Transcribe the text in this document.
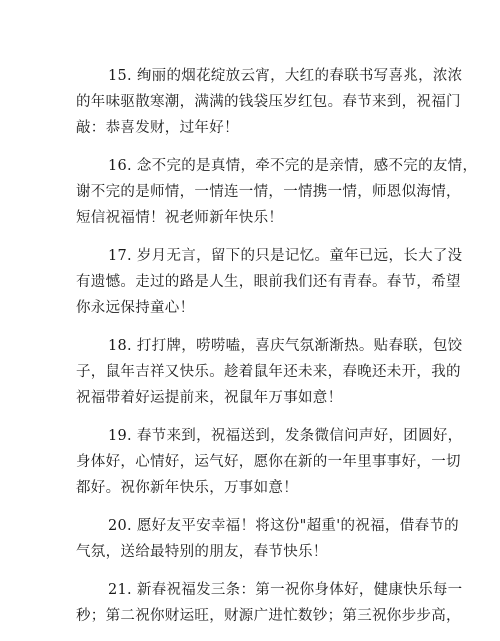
15. 绚丽的烟花绽放云宵，大红的春联书写喜兆，浓浓
的年味驱散寒潮，满满的钱袋压岁红包。春节来到，祝福门
敲：恭喜发财，过年好！
16. 念不完的是真情，牵不完的是亲情，感不完的友情，
谢不完的是师情，一情连一情，一情携一情，师恩似海情，
短信祝福情！祝老师新年快乐！
17. 岁月无言，留下的只是记忆。童年已远，长大了没
有遗憾。走过的路是人生，眼前我们还有青春。春节，希望
你永远保持童心！
18. 打打牌，唠唠嗑，喜庆气氛渐渐热。贴春联，包饺
子，鼠年吉祥又快乐。趁着鼠年还未来，春晚还未开，我的
祝福带着好运提前来，祝鼠年万事如意！
19. 春节来到，祝福送到，发条微信问声好，团圆好，
身体好，心情好，运气好，愿你在新的一年里事事好，一切
都好。祝你新年快乐，万事如意！
20. 愿好友平安幸福！将这份"超重'的祝福，借春节的
气氛，送给最特别的朋友，春节快乐！
21. 新春祝福发三条：第一祝你身体好，健康快乐每一
秒；第二祝你财运旺，财源广进忙数钞；第三祝你步步高，
